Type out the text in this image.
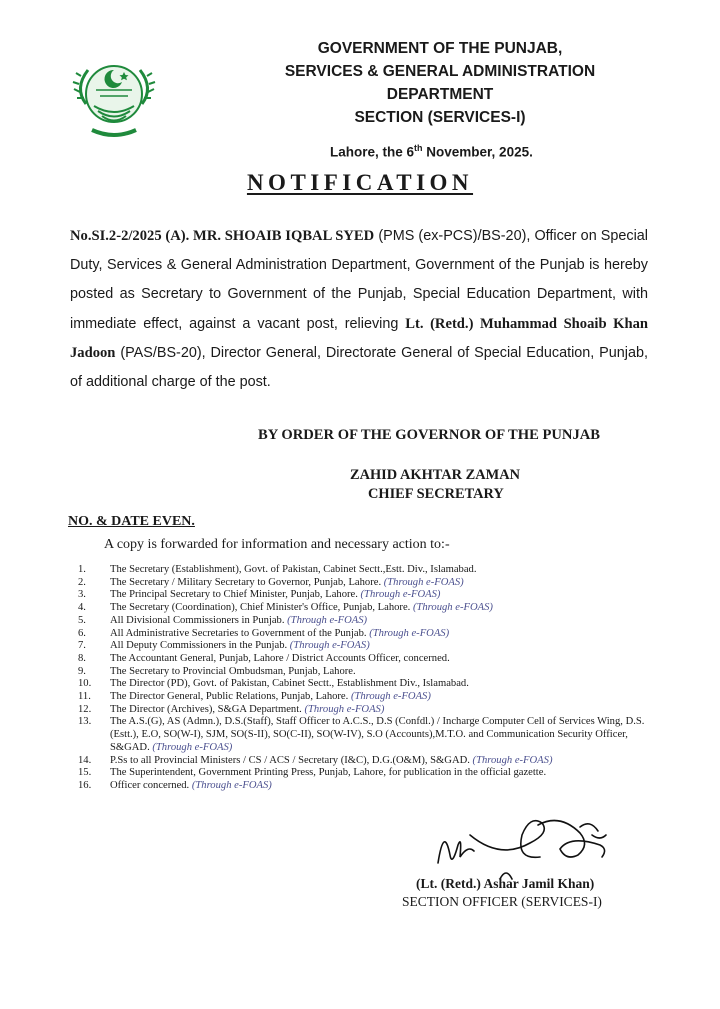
GOVERNMENT OF THE PUNJAB,
SERVICES & GENERAL ADMINISTRATION
DEPARTMENT
SECTION (SERVICES-I)
Lahore, the 6th November, 2025.
NOTIFICATION
No.SI.2-2/2025 (A). MR. SHOAIB IQBAL SYED (PMS (ex-PCS)/BS-20), Officer on Special Duty, Services & General Administration Department, Government of the Punjab is hereby posted as Secretary to Government of the Punjab, Special Education Department, with immediate effect, against a vacant post, relieving Lt. (Retd.) Muhammad Shoaib Khan Jadoon (PAS/BS-20), Director General, Directorate General of Special Education, Punjab, of additional charge of the post.
BY ORDER OF THE GOVERNOR OF THE PUNJAB
ZAHID AKHTAR ZAMAN
CHIEF SECRETARY
NO. & DATE EVEN.
A copy is forwarded for information and necessary action to:-
1.	The Secretary (Establishment), Govt. of Pakistan, Cabinet Sectt.,Estt. Div., Islamabad.
2.	The Secretary / Military Secretary to Governor, Punjab, Lahore. (Through e-FOAS)
3.	The Principal Secretary to Chief Minister, Punjab, Lahore. (Through e-FOAS)
4.	The Secretary (Coordination), Chief Minister's Office, Punjab, Lahore. (Through e-FOAS)
5.	All Divisional Commissioners in Punjab. (Through e-FOAS)
6.	All Administrative Secretaries to Government of the Punjab. (Through e-FOAS)
7.	All Deputy Commissioners in the Punjab. (Through e-FOAS)
8.	The Accountant General, Punjab, Lahore / District Accounts Officer, concerned.
9.	The Secretary to Provincial Ombudsman, Punjab, Lahore.
10.	The Director (PD), Govt. of Pakistan, Cabinet Sectt., Establishment Div., Islamabad.
11.	The Director General, Public Relations, Punjab, Lahore. (Through e-FOAS)
12.	The Director (Archives), S&GA Department. (Through e-FOAS)
13.	The A.S.(G), AS (Admn.), D.S.(Staff), Staff Officer to A.C.S., D.S (Confdl.) / Incharge Computer Cell of Services Wing, D.S.(Estt.), E.O, SO(W-I), SJM, SO(S-II), SO(C-II), SO(W-IV), S.O (Accounts),M.T.O. and Communication Security Officer, S&GAD. (Through e-FOAS)
14.	P.Ss to all Provincial Ministers / CS / ACS / Secretary (I&C), D.G.(O&M), S&GAD. (Through e-FOAS)
15.	The Superintendent, Government Printing Press, Punjab, Lahore, for publication in the official gazette.
16.	Officer concerned. (Through e-FOAS)
(Lt. (Retd.) Ashar Jamil Khan)
SECTION OFFICER (SERVICES-I)
